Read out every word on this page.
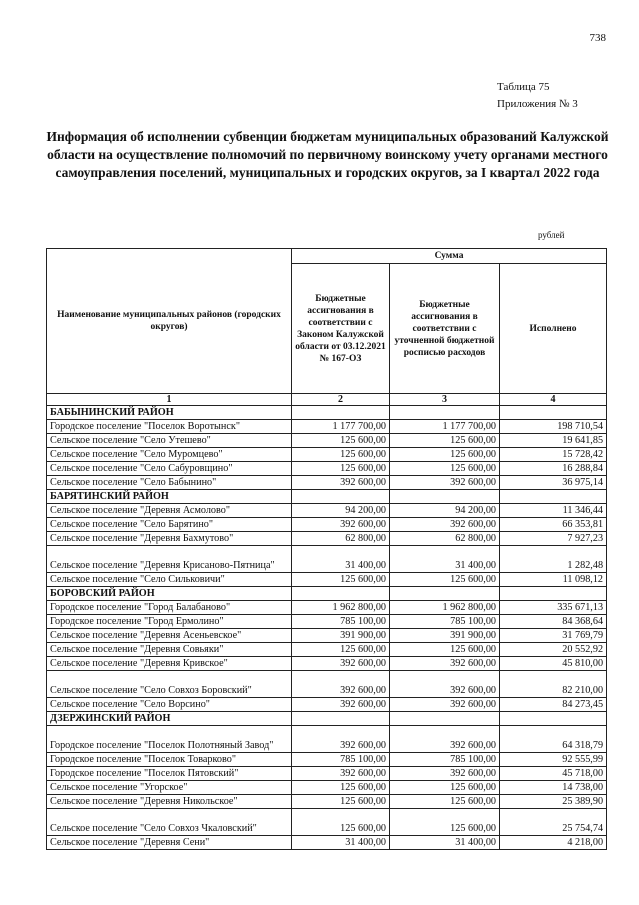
738
Таблица 75
Приложения № 3
Информация об исполнении субвенции бюджетам муниципальных образований Калужской области на осуществление полномочий по первичному воинскому учету органами местного самоуправления поселений, муниципальных и городских округов, за I квартал 2022 года
рублей
Наименование муниципальных районов (городских округов)	Сумма		
	Бюджетные ассигнования в соответствии с Законом Калужской области от 03.12.2021 № 167-ОЗ	Бюджетные ассигнования в соответствии с уточненной бюджетной росписью расходов	Исполнено
1	2	3	4
БАБЫНИНСКИЙ РАЙОН			
Городское поселение "Поселок Воротынск"	1 177 700,00	1 177 700,00	198 710,54
Сельское поселение "Село Утешево"	125 600,00	125 600,00	19 641,85
Сельское поселение "Село Муромцево"	125 600,00	125 600,00	15 728,42
Сельское поселение "Село Сабуровщино"	125 600,00	125 600,00	16 288,84
Сельское поселение "Село Бабынино"	392 600,00	392 600,00	36 975,14
БАРЯТИНСКИЙ РАЙОН			
Сельское поселение "Деревня Асмолово"	94 200,00	94 200,00	11 346,44
Сельское поселение "Село Барятино"	392 600,00	392 600,00	66 353,81
Сельское поселение "Деревня Бахмутово"	62 800,00	62 800,00	7 927,23
Сельское поселение "Деревня Крисаново-Пятница"	31 400,00	31 400,00	1 282,48
Сельское поселение "Село Сильковичи"	125 600,00	125 600,00	11 098,12
БОРОВСКИЙ РАЙОН			
Городское поселение "Город Балабаново"	1 962 800,00	1 962 800,00	335 671,13
Городское поселение "Город Ермолино"	785 100,00	785 100,00	84 368,64
Сельское поселение "Деревня Асеньевское"	391 900,00	391 900,00	31 769,79
Сельское поселение "Деревня Совьяки"	125 600,00	125 600,00	20 552,92
Сельское поселение "Деревня Кривское"	392 600,00	392 600,00	45 810,00
Сельское поселение "Село Совхоз Боровский"	392 600,00	392 600,00	82 210,00
Сельское поселение "Село Ворсино"	392 600,00	392 600,00	84 273,45
ДЗЕРЖИНСКИЙ РАЙОН			
Городское поселение "Поселок Полотняный Завод"	392 600,00	392 600,00	64 318,79
Городское поселение "Поселок Товарково"	785 100,00	785 100,00	92 555,99
Городское поселение "Поселок Пятовский"	392 600,00	392 600,00	45 718,00
Сельское поселение "Угорское"	125 600,00	125 600,00	14 738,00
Сельское поселение "Деревня Никольское"	125 600,00	125 600,00	25 389,90
Сельское поселение "Село Совхоз Чкаловский"	125 600,00	125 600,00	25 754,74
Сельское поселение "Деревня Сени"	31 400,00	31 400,00	4 218,00
